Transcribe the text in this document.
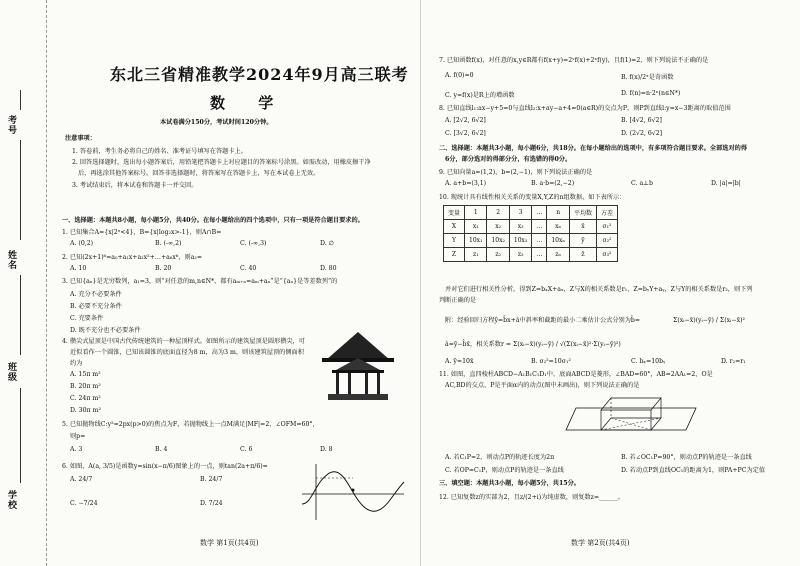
考号
姓名
班级
学校
东北三省精准教学2024年9月高三联考
数 学
本试卷满分150分，考试时间120分钟。
注意事项：
1. 答卷前，考生务必将自己的姓名、准考证号填写在答题卡上。
2. 回答选择题时，选出每小题答案后，用铅笔把答题卡上对应题目的答案标号涂黑。如需改动，用橡皮擦干净
后，再选涂其他答案标号。回答非选择题时，将答案写在答题卡上，写在本试卷上无效。
3. 考试结束后，将本试卷和答题卡一并交回。
一、选择题：本题共8小题，每小题5分，共40分。在每小题给出的四个选项中，只有一项是符合题目要求的。
1. 已知集合A={x|2ˣ<4}，B={x|log₂x>-1}，则A∩B=
A. (0,2)	B. (-∞,2)	C. (-∞,3)	D. ∅
2. 已知(2x+1)⁶=a₀+a₁x+a₂x²+…+a₆x⁶，则a₂=
A. 10	B. 20	C. 40	D. 80
3. 已知{aₙ}是无穷数列，a₁=3，则“对任意的m,n∈N*，都有aₘ₊ₙ=aₘ+aₙ”是“{aₙ}是等差数列”的
A. 充分不必要条件
B. 必要不充分条件
C. 充要条件
D. 既不充分也不必要条件
4. 攒尖式屋顶是中国古代传统建筑的一种屋顶样式。如图所示的建筑屋顶是圆形攒尖，可
近似看作一个圆锥，已知该圆锥的底面直径为8 m，高为3 m，则该建筑屋顶的侧面积
约为
A. 15π m²
B. 20π m²
C. 24π m²
D. 30π m²
5. 已知抛物线C:y²=2px(p>0)的焦点为F，若抛物线上一点M满足|MF|=2，∠OFM=60°，
则p=
A. 3	B. 4	C. 6	D. 8
6. 如图，A(a, 3/5)是函数y=sin(x−π/6)图象上的一点，则tan(2a+π/6)=
A. 24/7	B. 24/7
C. −7/24	D. 7/24
数学 第1页(共4页)
7. 已知函数f(x)，对任意的x,y∈R都有f(x+y)=2ʸf(x)+2ˣf(y)，且f(1)=2，则下列说法不正确的是
A. f(0)=0	B. f(x)/2ˣ是奇函数
C. y=f(x)是R上的增函数	D. f(n)=n·2ⁿ(n∈N*)
8. 已知直线l₁:ax−y+5=0与直线l₂:x+ay−a+4=0(a∈R)的交点为P，则P到直线l:y=x−3距离的取值范围
A. [2√2, 6√2]	B. [4√2, 6√2]
C. [3√2, 6√2]	D. (2√2, 6√2]
二、选择题：本题共3小题，每小题6分，共18分。在每小题给出的选项中，有多项符合题目要求。全部选对的得
6分，部分选对的得部分分，有选错的得0分。
9. 已知向量a=(1,2)，b=(2,−1)，则下列说法正确的是
A. a+b=(3,1)	B. a·b=(2,−2)	C. a⊥b	D. |a|=|b|
10. 现统计具有线性相关关系的变量X,Y,Z的n组数据，如下表所示：
变量	1	2	3	…	n	平均数	方差
X	x₁	x₂	x₃	…	xₙ	x̄	σ₁²
Y	10x₁	10x₂	10x₃	…	10xₙ	ȳ	σ₂²
Z	z₁	z₂	z₃	…	zₙ	z̄	σ₃²
并对它们进行相关性分析，得到Z=bₓX+aₓ，Z与X的相关系数是r₁，Z=bᵧY+aᵧ，Z与Y的相关系数是r₂，则下列
判断正确的是
附：经验回归方程ŷ=b̂x+â中斜率和截距的最小二乘估计公式分别为b̂=	Σ(xᵢ−x̄)(yᵢ−ȳ) / Σ(xᵢ−x̄)²
â=ȳ−b̂x̄，相关系数r = Σ(xᵢ−x̄)(yᵢ−ȳ) / √(Σ(xᵢ−x̄)²·Σ(yᵢ−ȳ)²)
A. ȳ=10x̄	B. σ₂²=10σ₁²	C. bₓ=10bᵧ	D. r₂=r₁
11. 如图，直四棱柱ABCD−A₁B₁C₁D₁中，底面ABCD是菱形，∠BAD=60°，AB=2AA₁=2，O是
AC,BD的交点，P是平面α内的动点(图中未画出)，则下列说法正确的是
A. 若C₁P=2，则动点P的轨迹长度为2π	B. 若∠OC₁P=90°，则动点P的轨迹是一条直线
C. 若OP=C₁P，则动点P的轨迹是一条直线	D. 若动点P到直线OC₁的距离为1，则PA+PC为定值
三、填空题：本题共3小题，每小题5分，共15分。
12. 已知复数z的实部为2，且z/(2+i)为纯虚数，则复数z=______。
数学 第2页(共4页)
